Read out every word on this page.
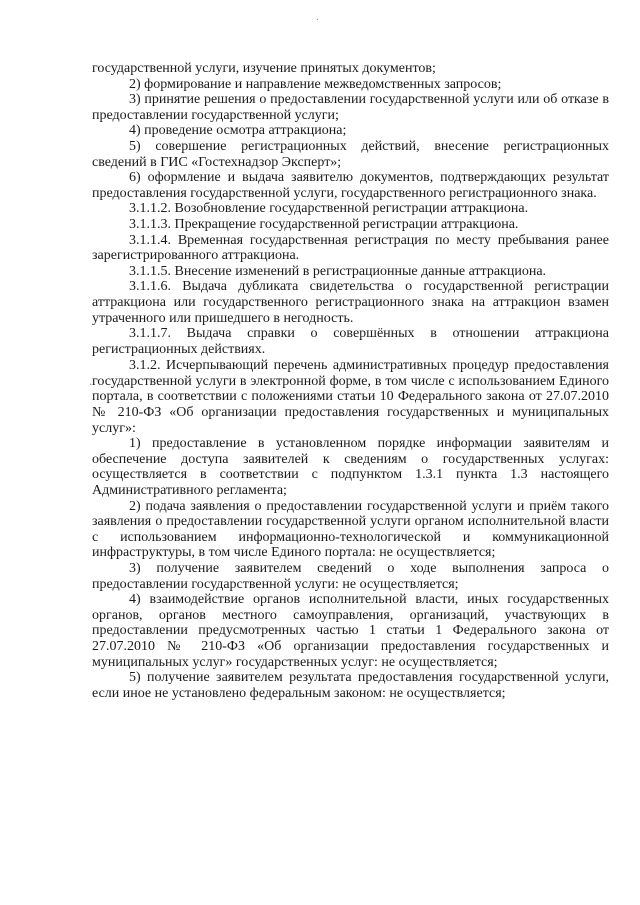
.
.

государственной услуги, изучение принятых документов;

2) формирование и направление межведомственных запросов;

3) принятие решения о предоставлении государственной услуги или об отказе в предоставлении государственной услуги;

4) проведение осмотра аттракциона;

5) совершение регистрационных действий, внесение регистрационных сведений в ГИС «Гостехнадзор Эксперт»;

6) оформление и выдача заявителю документов, подтверждающих результат предоставления государственной услуги, государственного регистрационного знака.

3.1.1.2. Возобновление государственной регистрации аттракциона.

3.1.1.3. Прекращение государственной регистрации аттракциона.

3.1.1.4. Временная государственная регистрация по месту пребывания ранее зарегистрированного аттракциона.

3.1.1.5. Внесение изменений в регистрационные данные аттракциона.

3.1.1.6. Выдача дубликата свидетельства о государственной регистрации аттракциона или государственного регистрационного знака на аттракцион взамен утраченного или пришедшего в негодность.

3.1.1.7. Выдача справки о совершённых в отношении аттракциона регистрационных действиях.

3.1.2. Исчерпывающий перечень административных процедур предоставления государственной услуги в электронной форме, в том числе с использованием Единого портала, в соответствии с положениями статьи 10 Федерального закона от 27.07.2010 № 210-ФЗ «Об организации предоставления государственных и муниципальных услуг»:

1) предоставление в установленном порядке информации заявителям и обеспечение доступа заявителей к сведениям о государственных услугах: осуществляется в соответствии с подпунктом 1.3.1 пункта 1.3 настоящего Административного регламента;

2) подача заявления о предоставлении государственной услуги и приём такого заявления о предоставлении государственной услуги органом исполнительной власти с использованием информационно-технологической и коммуникационной инфраструктуры, в том числе Единого портала: не осуществляется;

3) получение заявителем сведений о ходе выполнения запроса о предоставлении государственной услуги: не осуществляется;

4) взаимодействие органов исполнительной власти, иных государственных органов, органов местного самоуправления, организаций, участвующих в предоставлении предусмотренных частью 1 статьи 1 Федерального закона от 27.07.2010 № 210-ФЗ «Об организации предоставления государственных и муниципальных услуг» государственных услуг: не осуществляется;

5) получение заявителем результата предоставления государственной услуги, если иное не установлено федеральным законом: не осуществляется;
